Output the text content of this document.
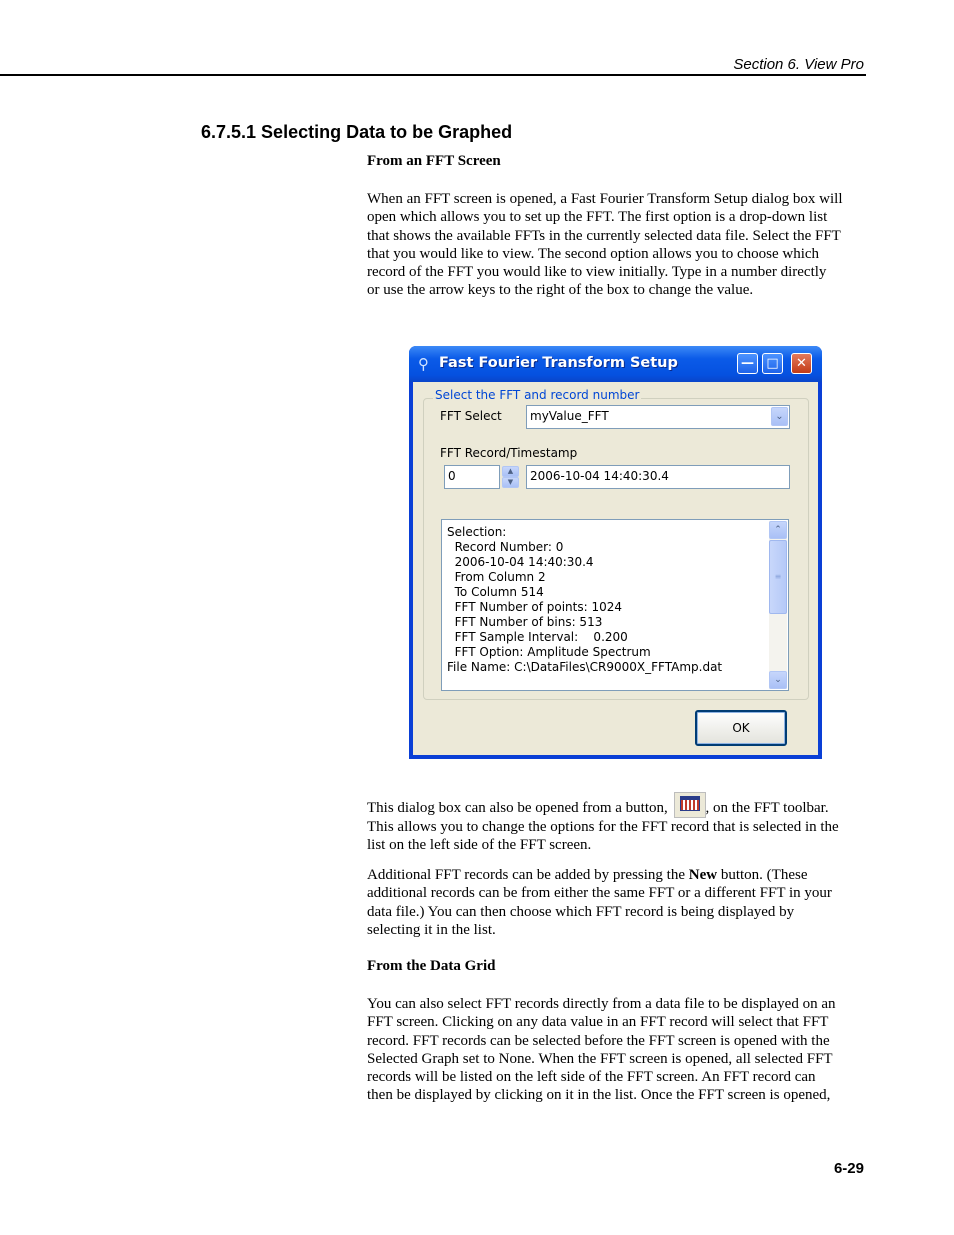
Section 6. View Pro
6.7.5.1 Selecting Data to be Graphed
From an FFT Screen
When an FFT screen is opened, a Fast Fourier Transform Setup dialog box will
open which allows you to set up the FFT. The first option is a drop-down list
that shows the available FFTs in the currently selected data file. Select the FFT
that you would like to view. The second option allows you to choose which
record of the FFT you would like to view initially. Type in a number directly
or use the arrow keys to the right of the box to change the value.
⚲ Fast Fourier Transform Setup	— □	✕
Select the FFT and record number
FFT Select	myValue_FFT	⌄
FFT Record/Timestamp
0	▲
▼	2006-10-04 14:40:30.4
Selection:
Record Number: 0
2006-10-04 14:40:30.4
From Column 2
To Column 514
FFT Number of points: 1024
FFT Number of bins: 513
FFT Sample Interval:    0.200
FFT Option: Amplitude Spectrum
File Name: C:\DataFiles\CR9000X_FFTAmp.dat
⌃
≡
⌄
OK
This dialog box can also be opened from a button,
, on the FFT toolbar.
This allows you to change the options for the FFT record that is selected in the
list on the left side of the FFT screen.
Additional FFT records can be added by pressing the New button. (These
additional records can be from either the same FFT or a different FFT in your
data file.) You can then choose which FFT record is being displayed by
selecting it in the list.
From the Data Grid
You can also select FFT records directly from a data file to be displayed on an
FFT screen. Clicking on any data value in an FFT record will select that FFT
record. FFT records can be selected before the FFT screen is opened with the
Selected Graph set to None. When the FFT screen is opened, all selected FFT
records will be listed on the left side of the FFT screen. An FFT record can
then be displayed by clicking on it in the list. Once the FFT screen is opened,
6-29
